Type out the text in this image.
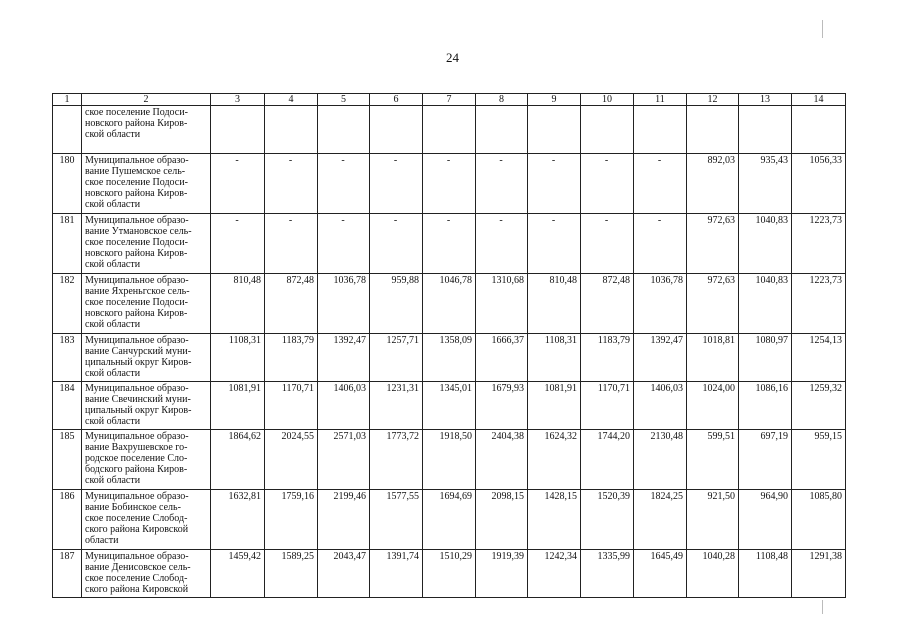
24
1	2	3	4	5	6	7	8	9	10	11	12	13	14
	ское поселение Подоси-
новского района Киров-
ской области												
180	Муниципальное образо-
вание Пушемское сель-
ское поселение Подоси-
новского района Киров-
ской области	-	-	-	-	-	-	-	-	-	892,03	935,43	1056,33
181	Муниципальное образо-
вание Утмановское сель-
ское поселение Подоси-
новского района Киров-
ской области	-	-	-	-	-	-	-	-	-	972,63	1040,83	1223,73
182	Муниципальное образо-
вание Яхреньгское сель-
ское поселение Подоси-
новского района Киров-
ской области	810,48	872,48	1036,78	959,88	1046,78	1310,68	810,48	872,48	1036,78	972,63	1040,83	1223,73
183	Муниципальное образо-
вание Санчурский муни-
ципальный округ Киров-
ской области	1108,31	1183,79	1392,47	1257,71	1358,09	1666,37	1108,31	1183,79	1392,47	1018,81	1080,97	1254,13
184	Муниципальное образо-
вание Свечинский муни-
ципальный округ Киров-
ской области	1081,91	1170,71	1406,03	1231,31	1345,01	1679,93	1081,91	1170,71	1406,03	1024,00	1086,16	1259,32
185	Муниципальное образо-
вание Вахрушевское го-
родское поселение Сло-
бодского района Киров-
ской области	1864,62	2024,55	2571,03	1773,72	1918,50	2404,38	1624,32	1744,20	2130,48	599,51	697,19	959,15
186	Муниципальное образо-
вание Бобинское сель-
ское поселение Слобод-
ского района Кировской
области	1632,81	1759,16	2199,46	1577,55	1694,69	2098,15	1428,15	1520,39	1824,25	921,50	964,90	1085,80
187	Муниципальное образо-
вание Денисовское сель-
ское поселение Слобод-
ского района Кировской	1459,42	1589,25	2043,47	1391,74	1510,29	1919,39	1242,34	1335,99	1645,49	1040,28	1108,48	1291,38
